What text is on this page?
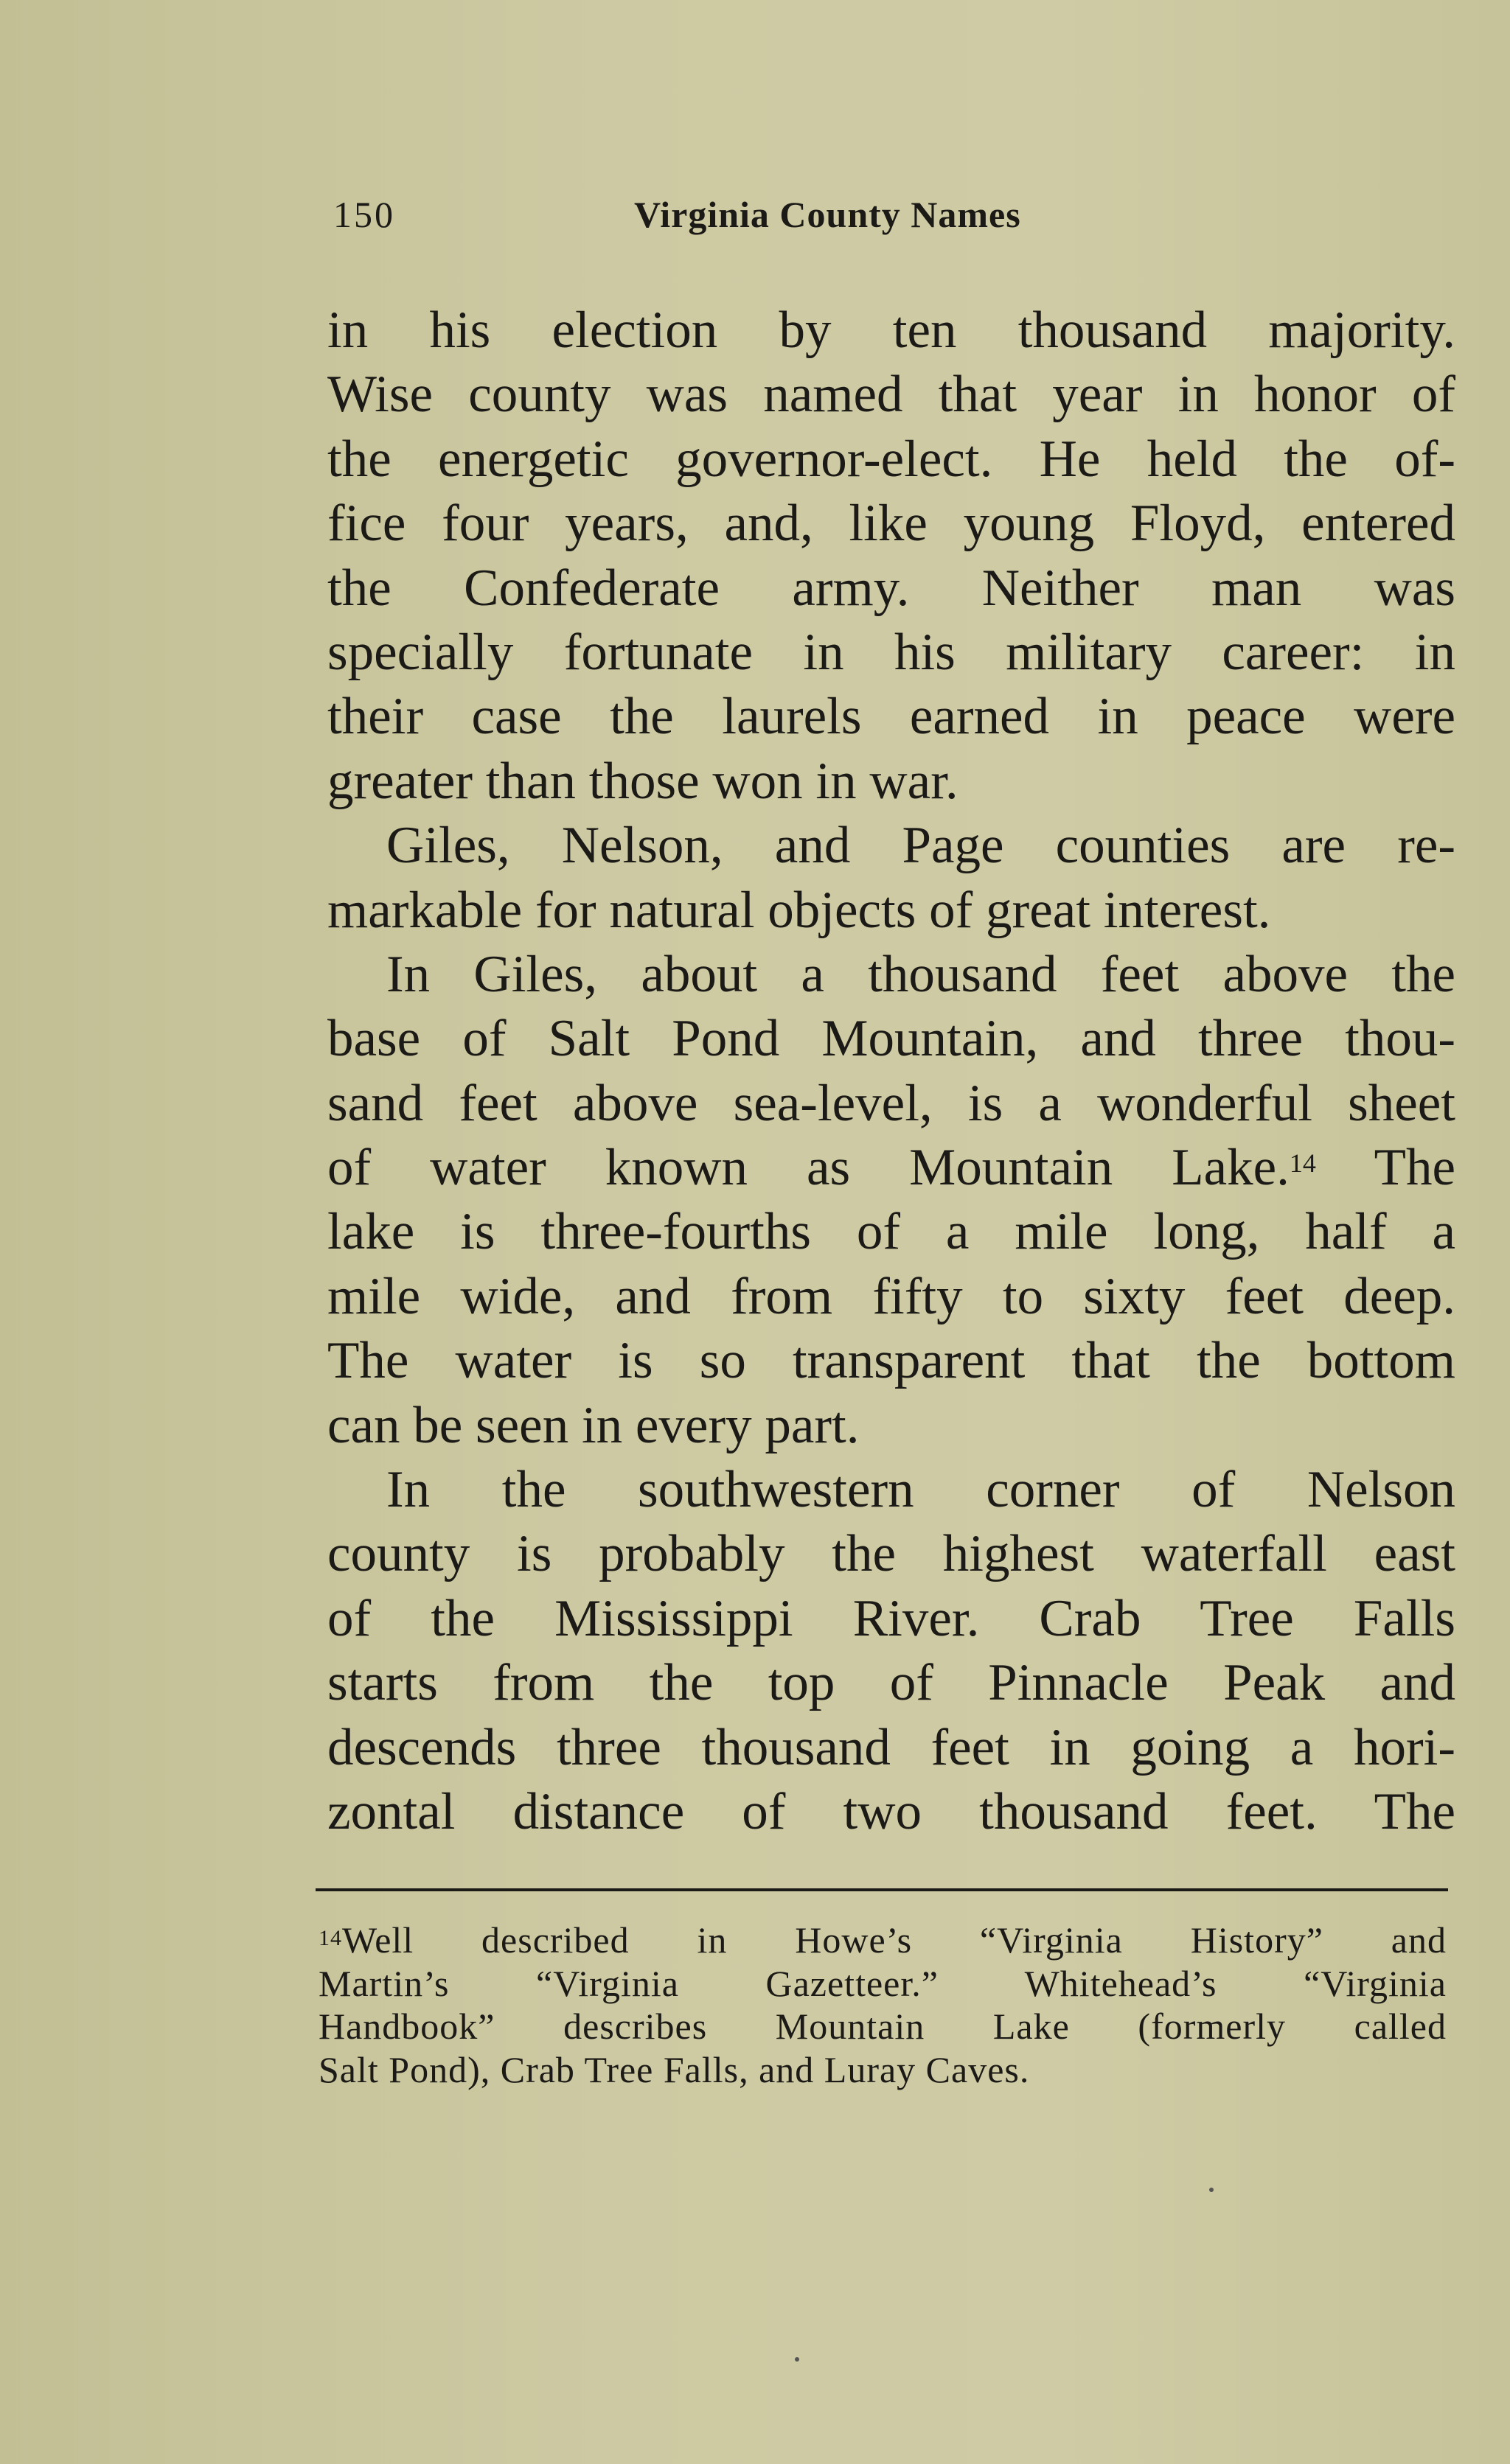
150	Virginia County Names
in his election by ten thousand majority.
Wise county was named that year in honor of
the energetic governor-elect. He held the of-
fice four years, and, like young Floyd, entered
the Confederate army. Neither man was
specially fortunate in his military career: in
their case the laurels earned in peace were
greater than those won in war.
Giles, Nelson, and Page counties are re-
markable for natural objects of great interest.
In Giles, about a thousand feet above the
base of Salt Pond Mountain, and three thou-
sand feet above sea-level, is a wonderful sheet
of water known as Mountain Lake.$^{14}$ The
lake is three-fourths of a mile long, half a
mile wide, and from fifty to sixty feet deep.
The water is so transparent that the bottom
can be seen in every part.
In the southwestern corner of Nelson
county is probably the highest waterfall east
of the Mississippi River. Crab Tree Falls
starts from the top of Pinnacle Peak and
descends three thousand feet in going a hori-
zontal distance of two thousand feet. The
$^{14}$Well described in Howe’s “Virginia History” and
Martin’s “Virginia Gazetteer.” Whitehead’s “Virginia
Handbook” describes Mountain Lake (formerly called
Salt Pond), Crab Tree Falls, and Luray Caves.
